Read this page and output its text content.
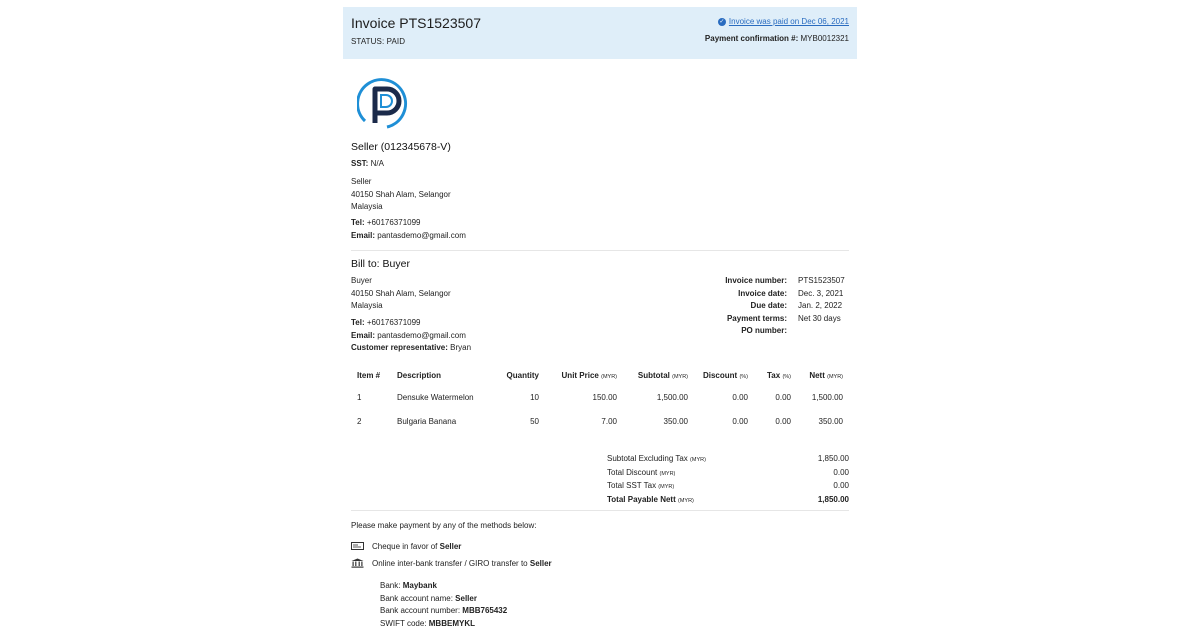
Invoice PTS1523507
STATUS: PAID
✓ Invoice was paid on Dec 06, 2021
Payment confirmation #: MYB0012321
Seller (012345678-V)
SST: N/A
Seller
40150 Shah Alam, Selangor
Malaysia
Tel: +60176371099
Email: pantasdemo@gmail.com
Bill to: Buyer
Buyer
40150 Shah Alam, Selangor
Malaysia
Tel: +60176371099
Email: pantasdemo@gmail.com
Customer representative: Bryan
Invoice number:	PTS1523507
Invoice date:	Dec. 3, 2021
Due date:	Jan. 2, 2022
Payment terms:	Net 30 days
PO number:
Item #	Description	Quantity	Unit Price (MYR)	Subtotal (MYR)	Discount (%)	Tax (%)	Nett (MYR)
1	Densuke Watermelon	10	150.00	1,500.00	0.00	0.00	1,500.00
2	Bulgaria Banana	50	7.00	350.00	0.00	0.00	350.00
Subtotal Excluding Tax (MYR)	1,850.00
Total Discount (MYR)	0.00
Total SST Tax (MYR)	0.00
Total Payable Nett (MYR)	1,850.00
Please make payment by any of the methods below:
Cheque in favor of Seller
Online inter-bank transfer / GIRO transfer to Seller
Bank: Maybank
Bank account name: Seller
Bank account number: MBB765432
SWIFT code: MBBEMYKL
